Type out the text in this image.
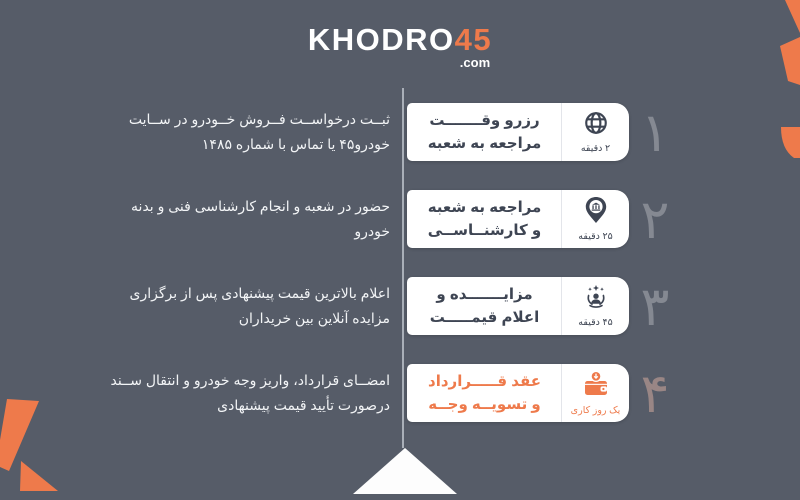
KHODRO45
.com
ثبــت درخواســت فــروش خــودرو در ســایت
خودرو۴۵ یا تماس با شماره ۱۴۸۵
رزرو وقـــــــت
مراجعه به شعبه	۲ دقیقه ۱
حضور در شعبه و انجام کارشناسی فنی و بدنه
خودرو
مراجعه به شعبه
و کارشنــاســی	۲۵ دقیقه ۲
اعلام بالاترین قیمت پیشنهادی پس از برگزاری
مزایده آنلاین بین خریداران
مزایـــــــده و
اعلام قیمـــــت	۴۵ دقیقه ۳
امضــای قرارداد، واریز وجه خودرو و انتقال ســند
درصورت تأیید قیمت پیشنهادی
عقد قـــــرارداد
و تسویــه وجــه	یک روز کاری ۴
